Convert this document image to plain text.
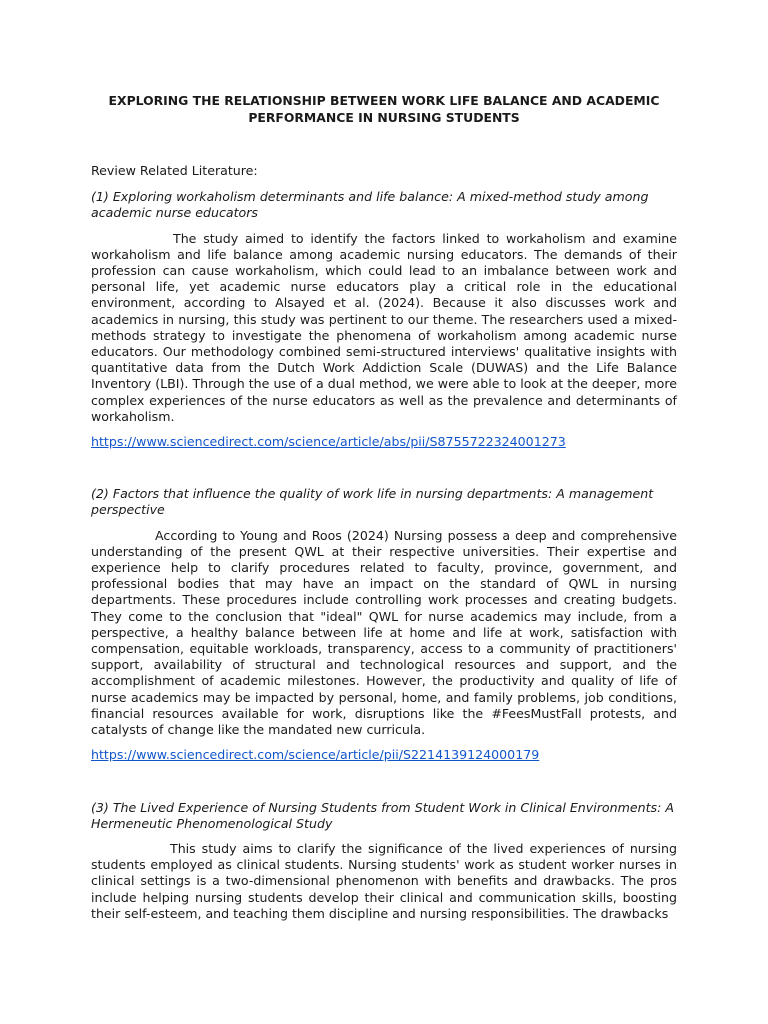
EXPLORING THE RELATIONSHIP BETWEEN WORK LIFE BALANCE AND ACADEMIC PERFORMANCE IN NURSING STUDENTS
Review Related Literature:
(1) Exploring workaholism determinants and life balance: A mixed-method study among academic nurse educators
The study aimed to identify the factors linked to workaholism and examine workaholism and life balance among academic nursing educators. The demands of their profession can cause workaholism, which could lead to an imbalance between work and personal life, yet academic nurse educators play a critical role in the educational environment, according to Alsayed et al. (2024). Because it also discusses work and academics in nursing, this study was pertinent to our theme. The researchers used a mixed-methods strategy to investigate the phenomena of workaholism among academic nurse educators. Our methodology combined semi-structured interviews' qualitative insights with quantitative data from the Dutch Work Addiction Scale (DUWAS) and the Life Balance Inventory (LBI). Through the use of a dual method, we were able to look at the deeper, more complex experiences of the nurse educators as well as the prevalence and determinants of workaholism.
https://www.sciencedirect.com/science/article/abs/pii/S8755722324001273
(2) Factors that influence the quality of work life in nursing departments: A management perspective
According to Young and Roos (2024) Nursing possess a deep and comprehensive understanding of the present QWL at their respective universities. Their expertise and experience help to clarify procedures related to faculty, province, government, and professional bodies that may have an impact on the standard of QWL in nursing departments. These procedures include controlling work processes and creating budgets. They come to the conclusion that "ideal" QWL for nurse academics may include, from a perspective, a healthy balance between life at home and life at work, satisfaction with compensation, equitable workloads, transparency, access to a community of practitioners' support, availability of structural and technological resources and support, and the accomplishment of academic milestones. However, the productivity and quality of life of nurse academics may be impacted by personal, home, and family problems, job conditions, financial resources available for work, disruptions like the #FeesMustFall protests, and catalysts of change like the mandated new curricula.
https://www.sciencedirect.com/science/article/pii/S2214139124000179
(3) The Lived Experience of Nursing Students from Student Work in Clinical Environments: A Hermeneutic Phenomenological Study
This study aims to clarify the significance of the lived experiences of nursing students employed as clinical students. Nursing students' work as student worker nurses in clinical settings is a two-dimensional phenomenon with benefits and drawbacks. The pros include helping nursing students develop their clinical and communication skills, boosting their self-esteem, and teaching them discipline and nursing responsibilities. The drawbacks
